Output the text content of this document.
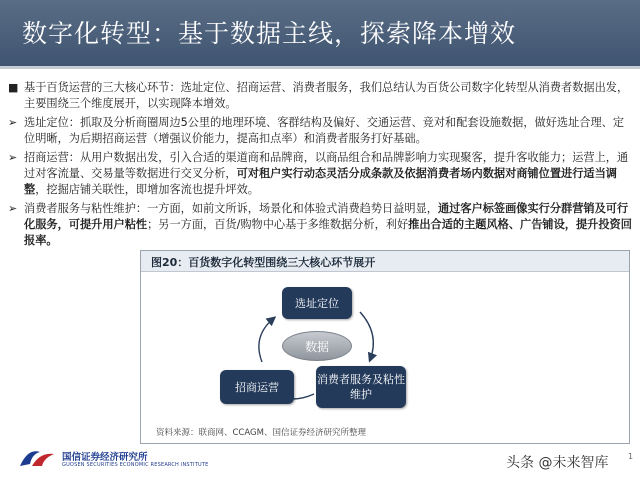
数字化转型：基于数据主线，探索降本增效
■ 基于百货运营的三大核心环节：选址定位、招商运营、消费者服务，我们总结认为百货公司数字化转型从消费者数据出发，主要围绕三个维度展开，以实现降本增效。
➢ 选址定位：抓取及分析商圈周边5公里的地理环境、客群结构及偏好、交通运营、竞对和配套设施数据，做好选址合理、定位明晰，为后期招商运营（增强议价能力，提高扣点率）和消费者服务打好基础。
➢ 招商运营：从用户数据出发，引入合适的渠道商和品牌商，以商品组合和品牌影响力实现聚客，提升客收能力；运营上，通过对客流量、交易量等数据进行交叉分析，可对租户实行动态灵活分成条款及依据消费者场内数据对商铺位置进行适当调整，挖掘店铺关联性，即增加客流也提升坪效。
➢ 消费者服务与粘性维护：一方面，如前文所诉，场景化和体验式消费趋势日益明显，通过客户标签画像实行分群营销及可行化服务，可提升用户粘性；另一方面，百货/购物中心基于多维数据分析，利好推出合适的主题风格、广告铺设，提升投资回报率。
图20：百货数字化转型围绕三大核心环节展开
选址定位
数据
招商运营
消费者服务及粘性维护
资料来源：联商网、CCAGM、国信证券经济研究所整理
国信证券经济研究所
GUOSEN SECURITIES ECONOMIC RESEARCH INSTITUTE	头条 @未来智库 1
